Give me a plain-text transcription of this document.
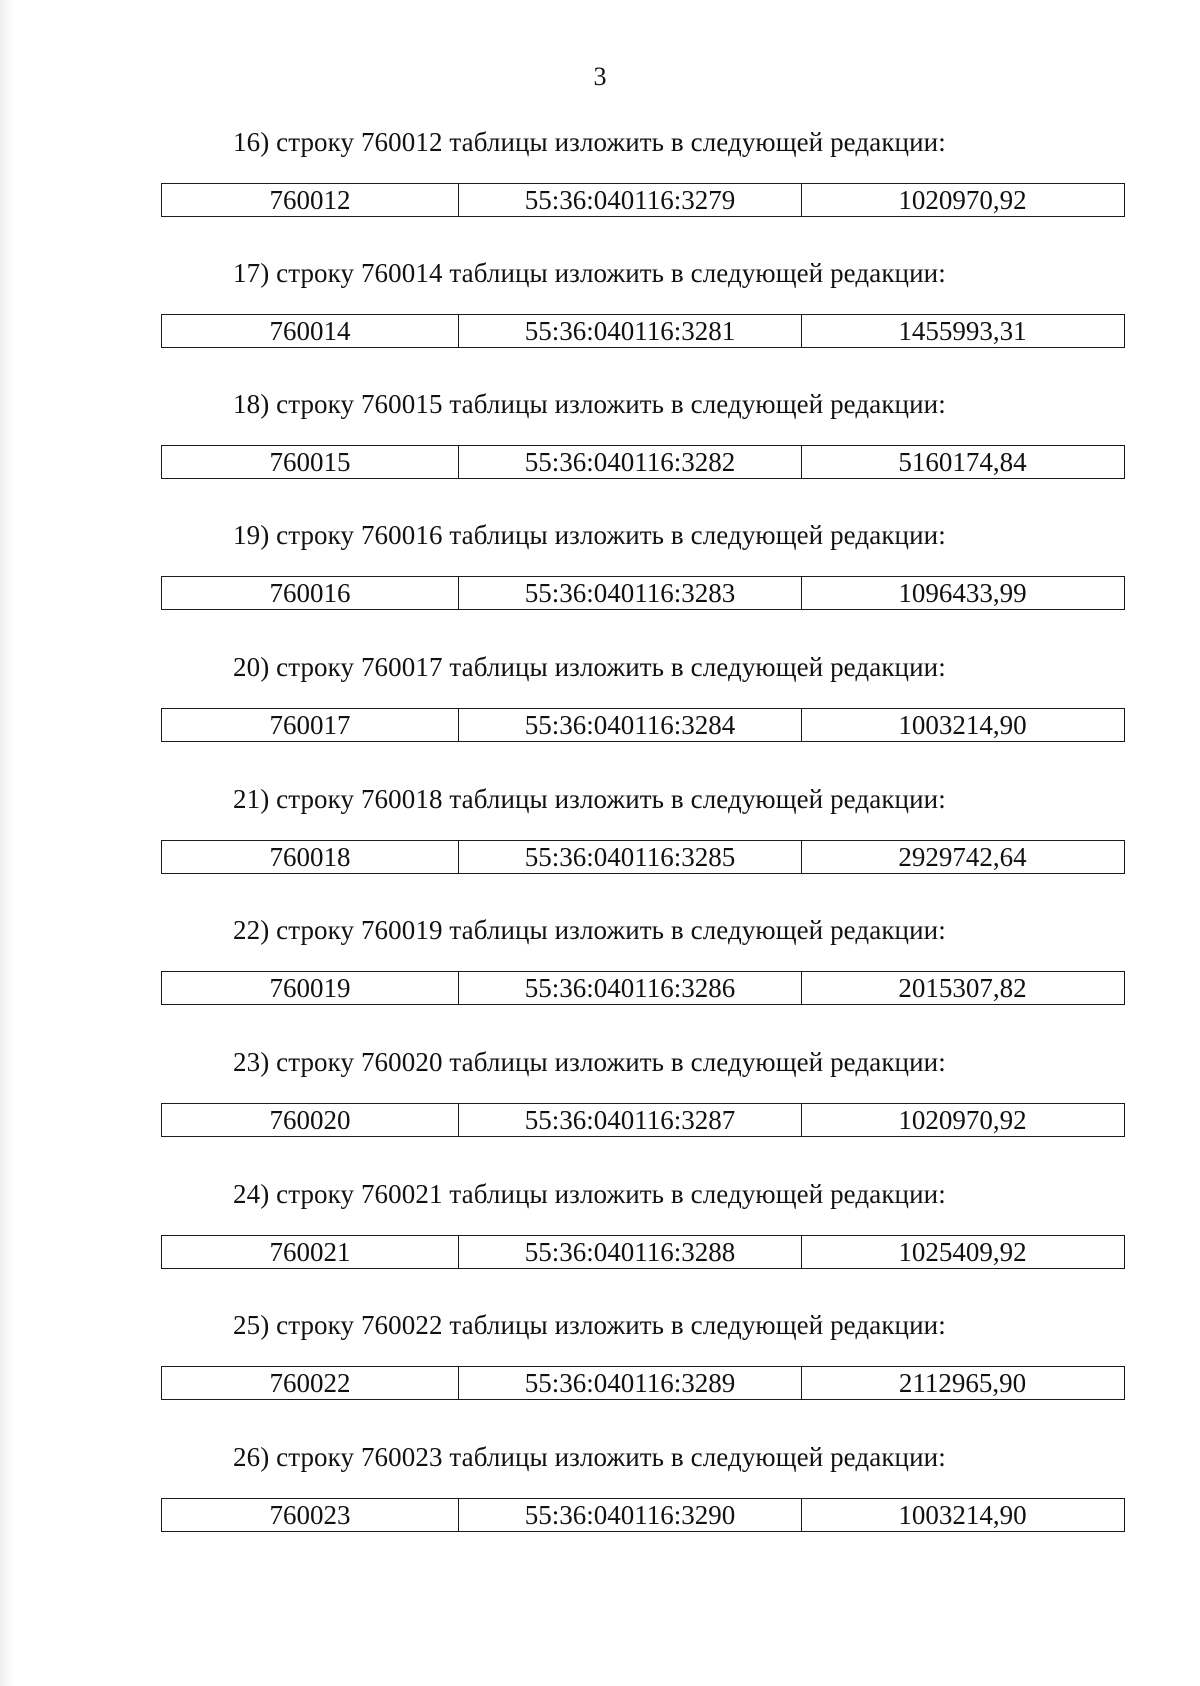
3
16) строку 760012 таблицы изложить в следующей редакции:
760012	55:36:040116:3279	1020970,92
17) строку 760014 таблицы изложить в следующей редакции:
760014	55:36:040116:3281	1455993,31
18) строку 760015 таблицы изложить в следующей редакции:
760015	55:36:040116:3282	5160174,84
19) строку 760016 таблицы изложить в следующей редакции:
760016	55:36:040116:3283	1096433,99
20) строку 760017 таблицы изложить в следующей редакции:
760017	55:36:040116:3284	1003214,90
21) строку 760018 таблицы изложить в следующей редакции:
760018	55:36:040116:3285	2929742,64
22) строку 760019 таблицы изложить в следующей редакции:
760019	55:36:040116:3286	2015307,82
23) строку 760020 таблицы изложить в следующей редакции:
760020	55:36:040116:3287	1020970,92
24) строку 760021 таблицы изложить в следующей редакции:
760021	55:36:040116:3288	1025409,92
25) строку 760022 таблицы изложить в следующей редакции:
760022	55:36:040116:3289	2112965,90
26) строку 760023 таблицы изложить в следующей редакции:
760023	55:36:040116:3290	1003214,90
